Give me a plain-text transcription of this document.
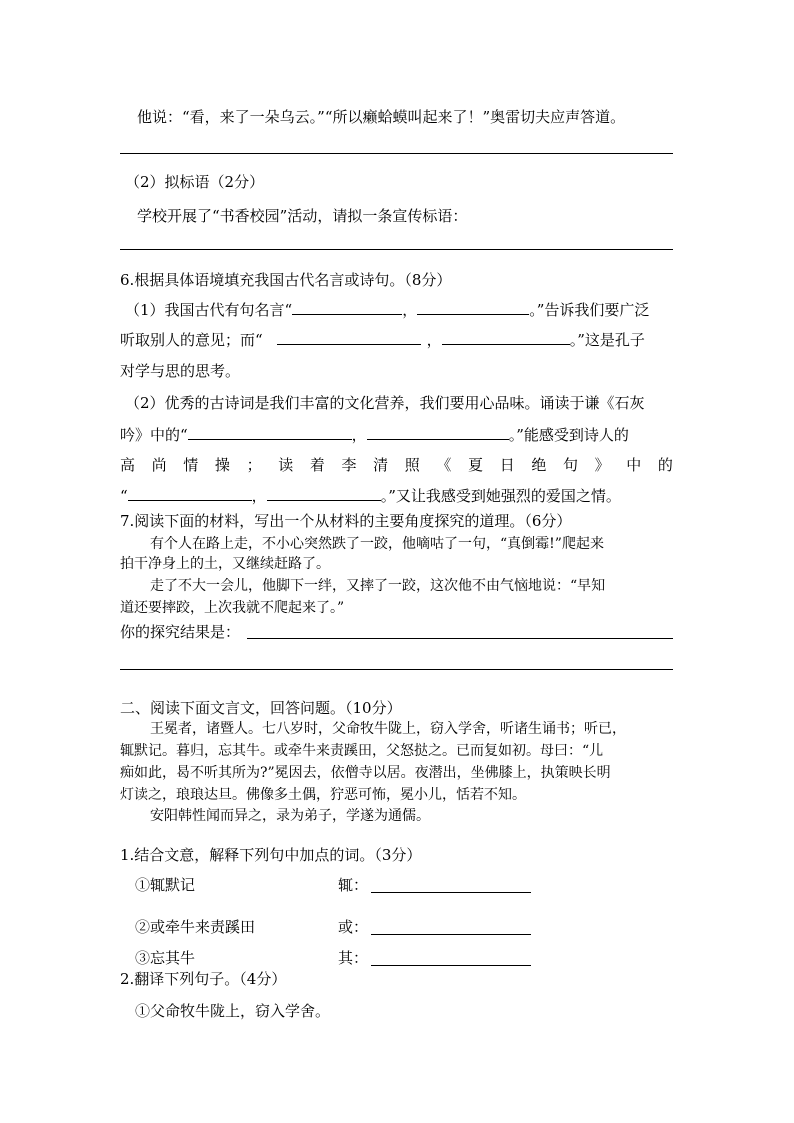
他说：“看，来了一朵乌云。”“所以癞蛤蟆叫起来了！”奥雷切夫应声答道。
（2）拟标语（2分）
学校开展了“书香校园”活动，请拟一条宣传标语：
6.根据具体语境填充我国古代名言或诗句。（8分）
（1）我国古代有句名言“	，	。”告诉我们要广泛
听取别人的意见；而“	，	。”这是孔子
对学与思的思考。
（2）优秀的古诗词是我们丰富的文化营养，我们要用心品味。诵读于谦《石灰
吟》中的“	，	。”能感受到诗人的
高 尚 情 操 ； 读 着 李 清 照 《 夏 日 绝 句 》 中 的
“	，	。”又让我感受到她强烈的爱国之情。
7.阅读下面的材料，写出一个从材料的主要角度探究的道理。（6分）
有个人在路上走，不小心突然跌了一跤，他嘀咕了一句，“真倒霉!”爬起来
拍干净身上的土，又继续赶路了。
走了不大一会儿，他脚下一绊，又摔了一跤，这次他不由气恼地说：“早知
道还要摔跤，上次我就不爬起来了。”
你的探究结果是：
二、阅读下面文言文，回答问题。（10分）
王冕者，诸暨人。七八岁时，父命牧牛陇上，窃入学舍，听诸生诵书；听已，
辄默记。暮归，忘其牛。或牵牛来责蹊田，父怒挞之。已而复如初。母曰：“儿
痴如此，曷不听其所为?”冕因去，依僧寺以居。夜潜出，坐佛膝上，执策映长明
灯读之，琅琅达旦。佛像多土偶，狞恶可怖，冕小儿，恬若不知。
安阳韩性闻而异之，录为弟子，学遂为通儒。
1.结合文意，解释下列句中加点的词。（3分）
①辄默记	辄：
②或牵牛来责蹊田	或：
③忘其牛	其：
2.翻译下列句子。（4分）
①父命牧牛陇上，窃入学舍。
